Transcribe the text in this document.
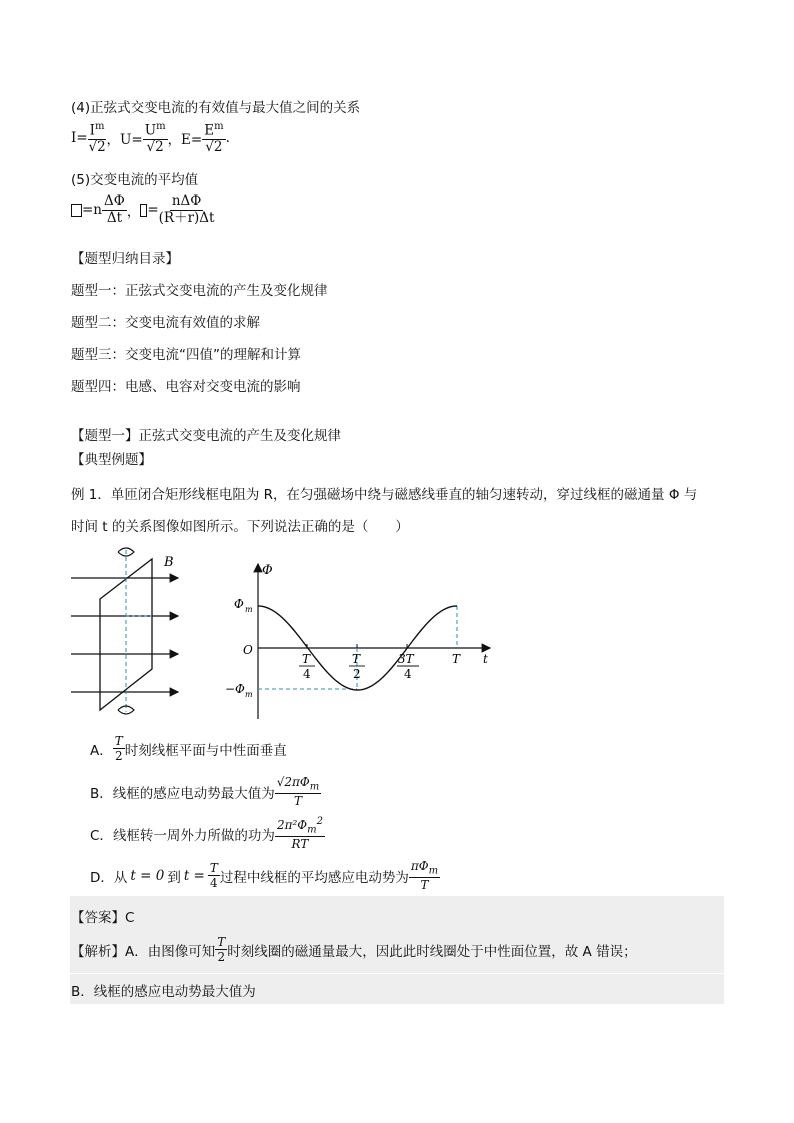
(4)正弦式交变电流的有效值与最大值之间的关系
$I= \frac{I^m}{√2}$ ，$U= \frac{U^m}{√2}$ ，$E= \frac{E^m}{√2}$ .
(5)交变电流的平均值
$=n \frac{\Delta\Phi}{\Delta t}$ ， = $\frac{\text{nΔΦ}}{(R+r)\Delta t}$
【题型归纳目录】
题型一：正弦式交变电流的产生及变化规律
题型二：交变电流有效值的求解
题型三：交变电流“四值”的理解和计算
题型四：电感、电容对交变电流的影响
【题型一】正弦式交变电流的产生及变化规律
【典型例题】
例 1．单匝闭合矩形线框电阻为 R，在匀强磁场中绕与磁感线垂直的轴匀速转动，穿过线框的磁通量 Φ 与
时间 t 的关系图像如图所示。下列说法正确的是（　　）
B
Φ
Φ m
O
−Φ m
t
T
4
T
2
3T
4
T
A． $\frac{T}{2}$ 时刻线框平面与中性面垂直
B． 线框的感应电动势最大值为 $\frac{√2\pi\Phi_m}{T}$
C． 线框转一周外力所做的功为 $\frac{2\pi^2\Phi_m^2}{RT}$
D． 从 t = 0 到 $t = \frac{T}{4}$ 过程中线框的平均感应电动势为 $\frac{\pi\Phi_m}{T}$
【答案】C
【解析】A．由图像可知 $\frac{T}{2}$ 时刻线圈的磁通量最大，因此此时线圈处于中性面位置，故 A 错误；
B．线框的感应电动势最大值为
